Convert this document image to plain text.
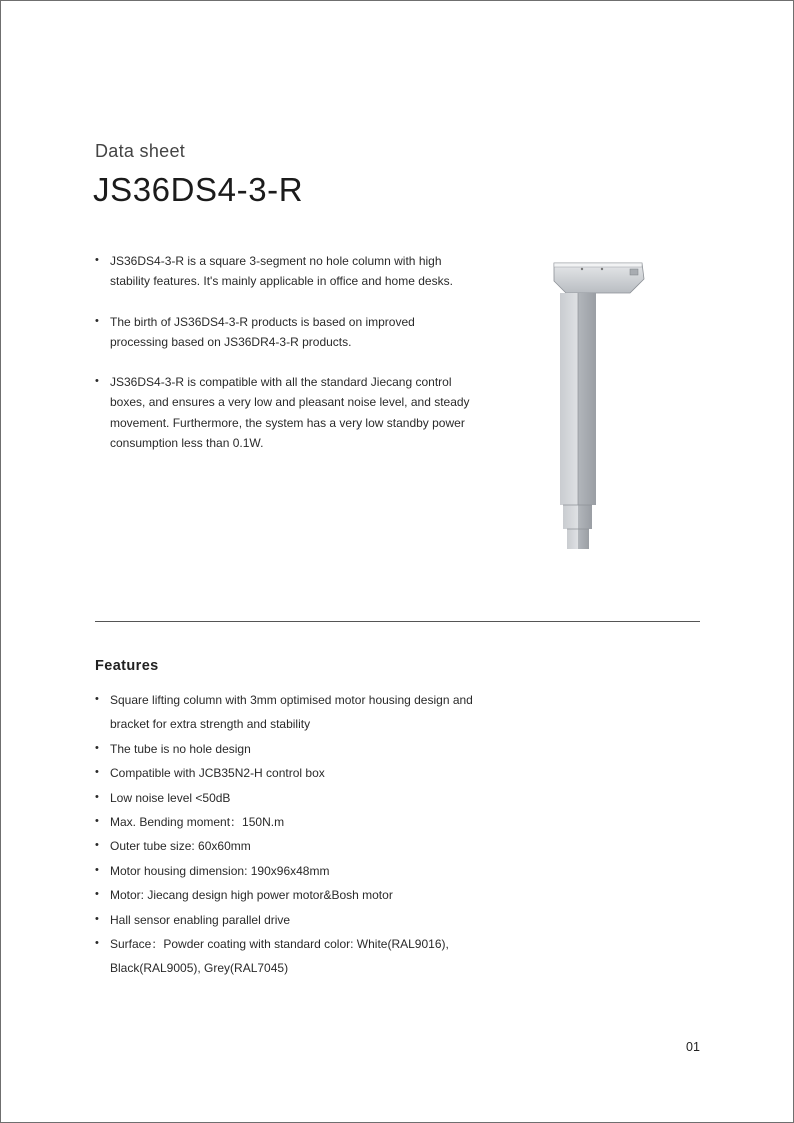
Data sheet
JS36DS4-3-R
• JS36DS4-3-R is a square 3-segment no hole column with high stability features. It's mainly applicable in office and home desks.
• The birth of JS36DS4-3-R products is based on improved processing based on JS36DR4-3-R products.
• JS36DS4-3-R is compatible with all the standard Jiecang control boxes, and ensures a very low and pleasant noise level, and steady movement. Furthermore, the system has a very low standby power consumption less than 0.1W.
Features
• Square lifting column with 3mm optimised motor housing design and bracket for extra strength and stability
• The tube is no hole design
• Compatible with JCB35N2-H control box
• Low noise level <50dB
• Max. Bending moment：150N.m
• Outer tube size: 60x60mm
• Motor housing dimension: 190x96x48mm
• Motor: Jiecang design high power motor&Bosh motor
• Hall sensor enabling parallel drive
• Surface：Powder coating with standard color: White(RAL9016), Black(RAL9005), Grey(RAL7045)
01
